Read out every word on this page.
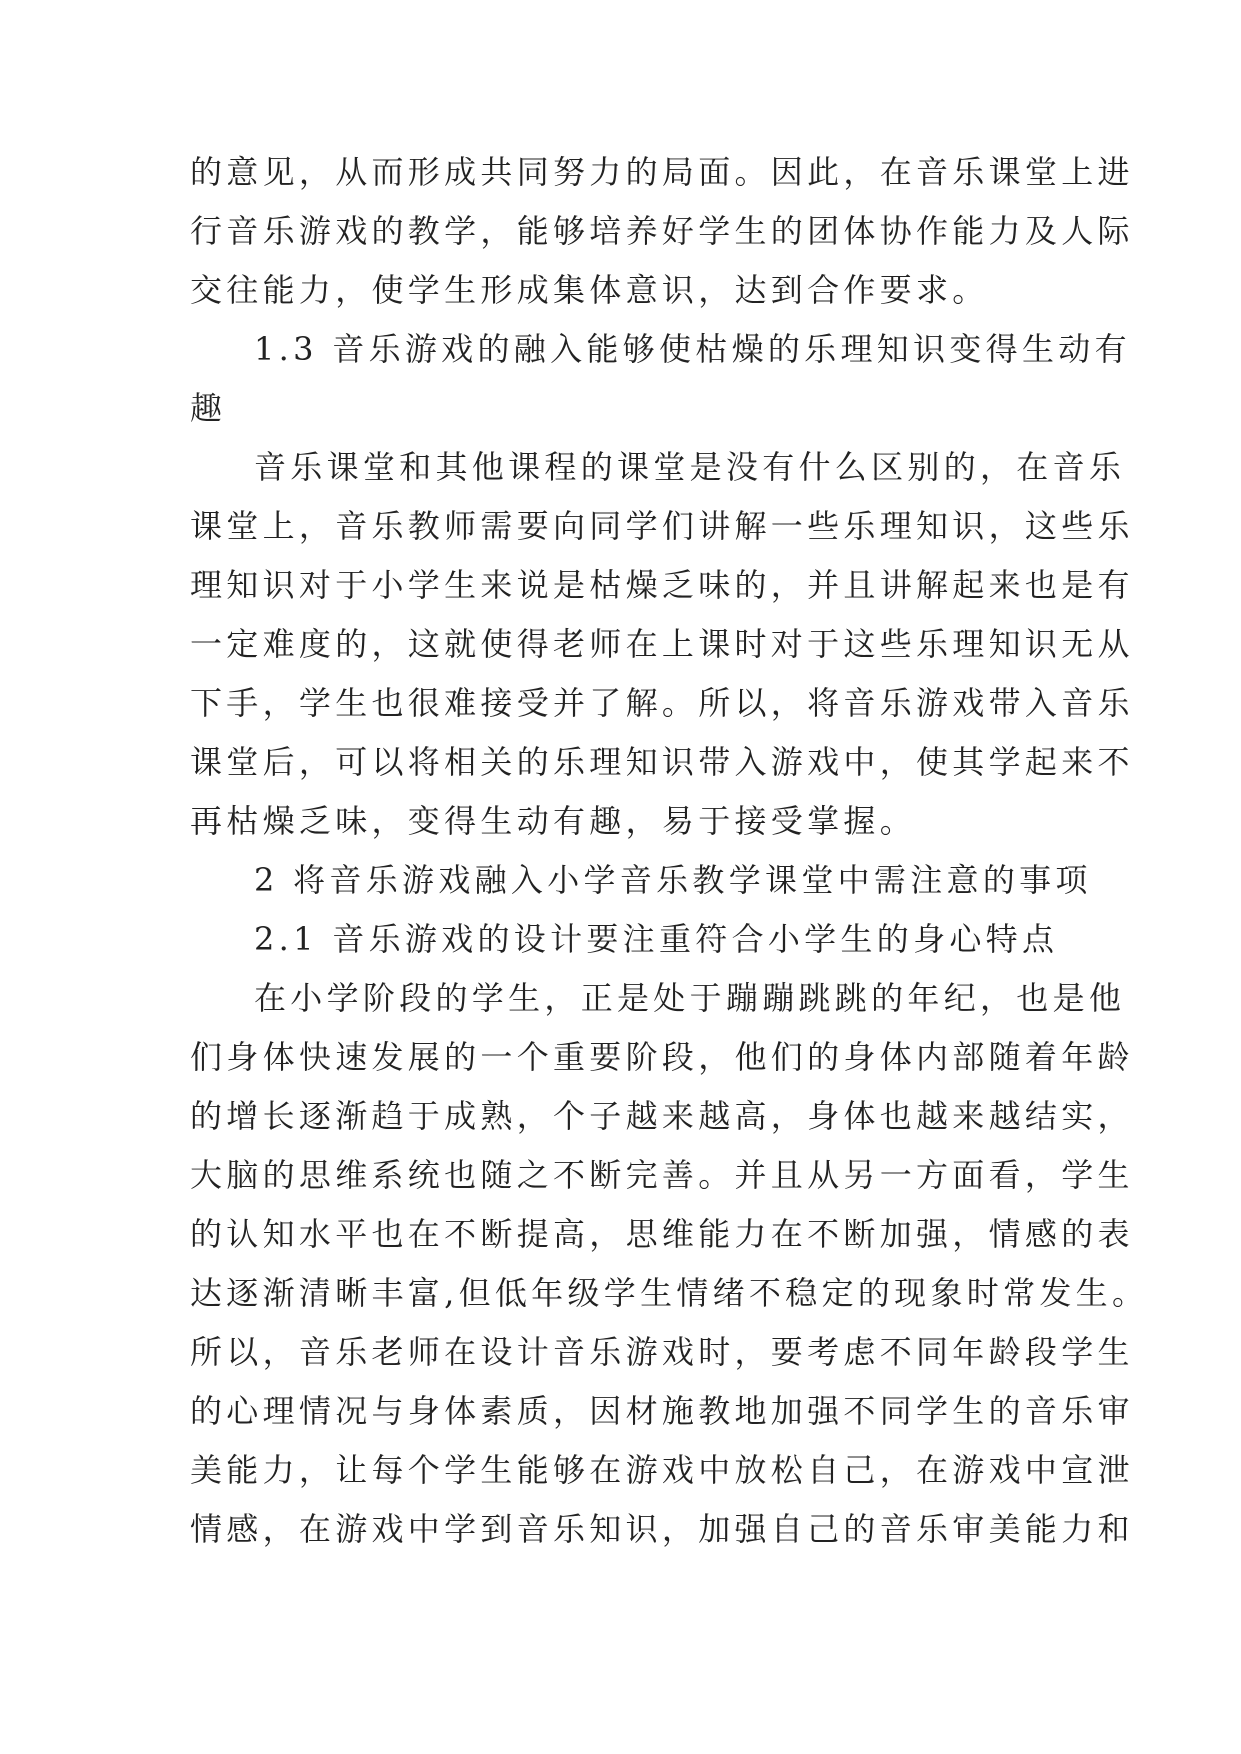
的意见，从而形成共同努力的局面。因此，在音乐课堂上进
行音乐游戏的教学，能够培养好学生的团体协作能力及人际
交往能力，使学生形成集体意识，达到合作要求。
1.3 音乐游戏的融入能够使枯燥的乐理知识变得生动有
趣
音乐课堂和其他课程的课堂是没有什么区别的，在音乐
课堂上，音乐教师需要向同学们讲解一些乐理知识，这些乐
理知识对于小学生来说是枯燥乏味的，并且讲解起来也是有
一定难度的，这就使得老师在上课时对于这些乐理知识无从
下手，学生也很难接受并了解。所以，将音乐游戏带入音乐
课堂后，可以将相关的乐理知识带入游戏中，使其学起来不
再枯燥乏味，变得生动有趣，易于接受掌握。
2 将音乐游戏融入小学音乐教学课堂中需注意的事项
2.1 音乐游戏的设计要注重符合小学生的身心特点
在小学阶段的学生，正是处于蹦蹦跳跳的年纪，也是他
们身体快速发展的一个重要阶段，他们的身体内部随着年龄
的增长逐渐趋于成熟，个子越来越高，身体也越来越结实，
大脑的思维系统也随之不断完善。并且从另一方面看，学生
的认知水平也在不断提高，思维能力在不断加强，情感的表
达逐渐清晰丰富,但低年级学生情绪不稳定的现象时常发生。
所以，音乐老师在设计音乐游戏时，要考虑不同年龄段学生
的心理情况与身体素质，因材施教地加强不同学生的音乐审
美能力，让每个学生能够在游戏中放松自己，在游戏中宣泄
情感，在游戏中学到音乐知识，加强自己的音乐审美能力和
